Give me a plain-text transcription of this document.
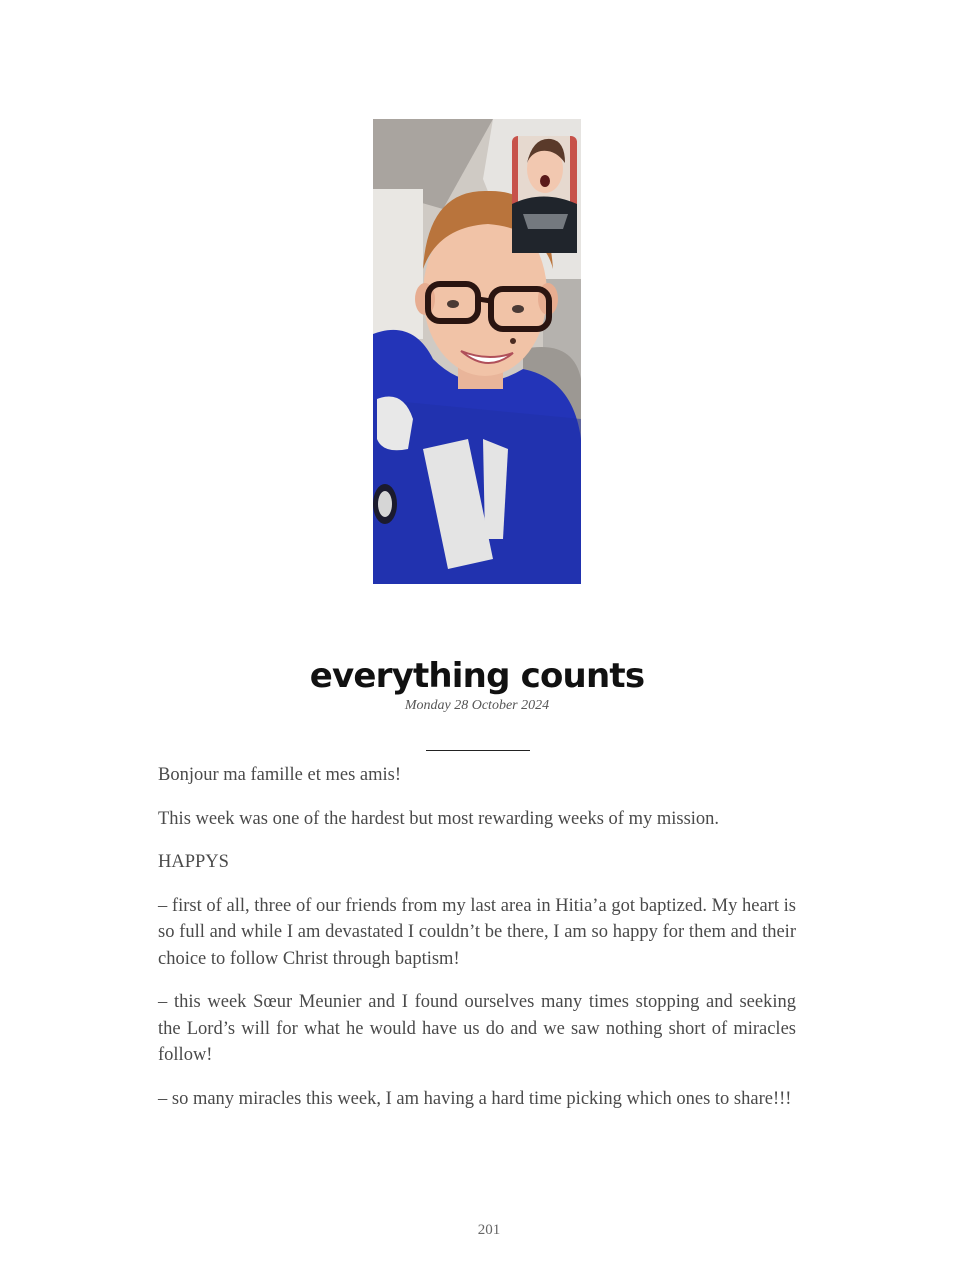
everything counts
Monday 28 October 2024

Bonjour ma famille et mes amis!

This week was one of the hardest but most rewarding weeks of my mission.

HAPPYS

– first of all, three of our friends from my last area in Hitia’a got baptized. My heart is so full and while I am devastated I couldn’t be there, I am so happy for them and their choice to follow Christ through baptism!

– this week Sœur Meunier and I found ourselves many times stopping and seeking the Lord’s will for what he would have us do and we saw nothing short of miracles follow!

– so many miracles this week, I am having a hard time picking which ones to share!!!

201
